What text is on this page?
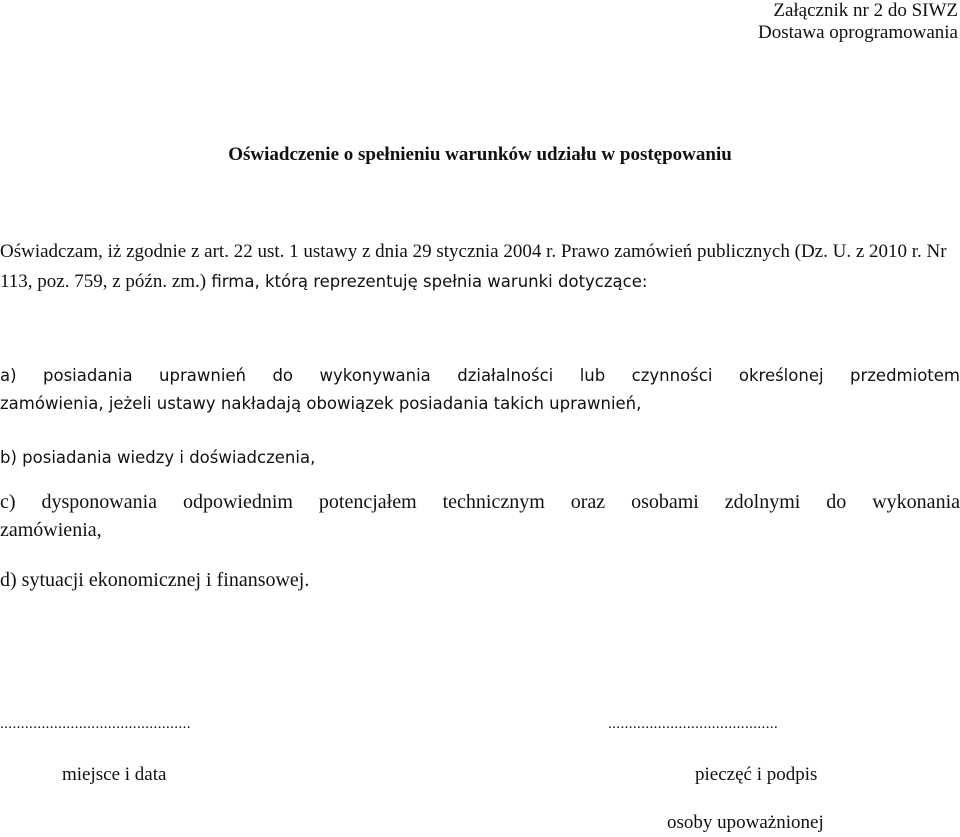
Załącznik nr 2 do SIWZ
Dostawa oprogramowania
Oświadczenie o spełnieniu warunków udziału w postępowaniu
Oświadczam, iż zgodnie z art. 22 ust. 1 ustawy z dnia 29 stycznia 2004 r. Prawo zamówień publicznych (Dz. U. z 2010 r. Nr 113, poz. 759, z późn. zm.) firma, którą reprezentuję spełnia warunki dotyczące:
a) posiadania uprawnień do wykonywania działalności lub czynności określonej przedmiotem
zamówienia, jeżeli ustawy nakładają obowiązek posiadania takich uprawnień,
b) posiadania wiedzy i doświadczenia,
c) dysponowania odpowiednim potencjałem technicznym oraz osobami zdolnymi do wykonania
zamówienia,
d) sytuacji ekonomicznej i finansowej.
..............................................	.........................................
miejsce i data	pieczęć i podpis
osoby upoważnionej
